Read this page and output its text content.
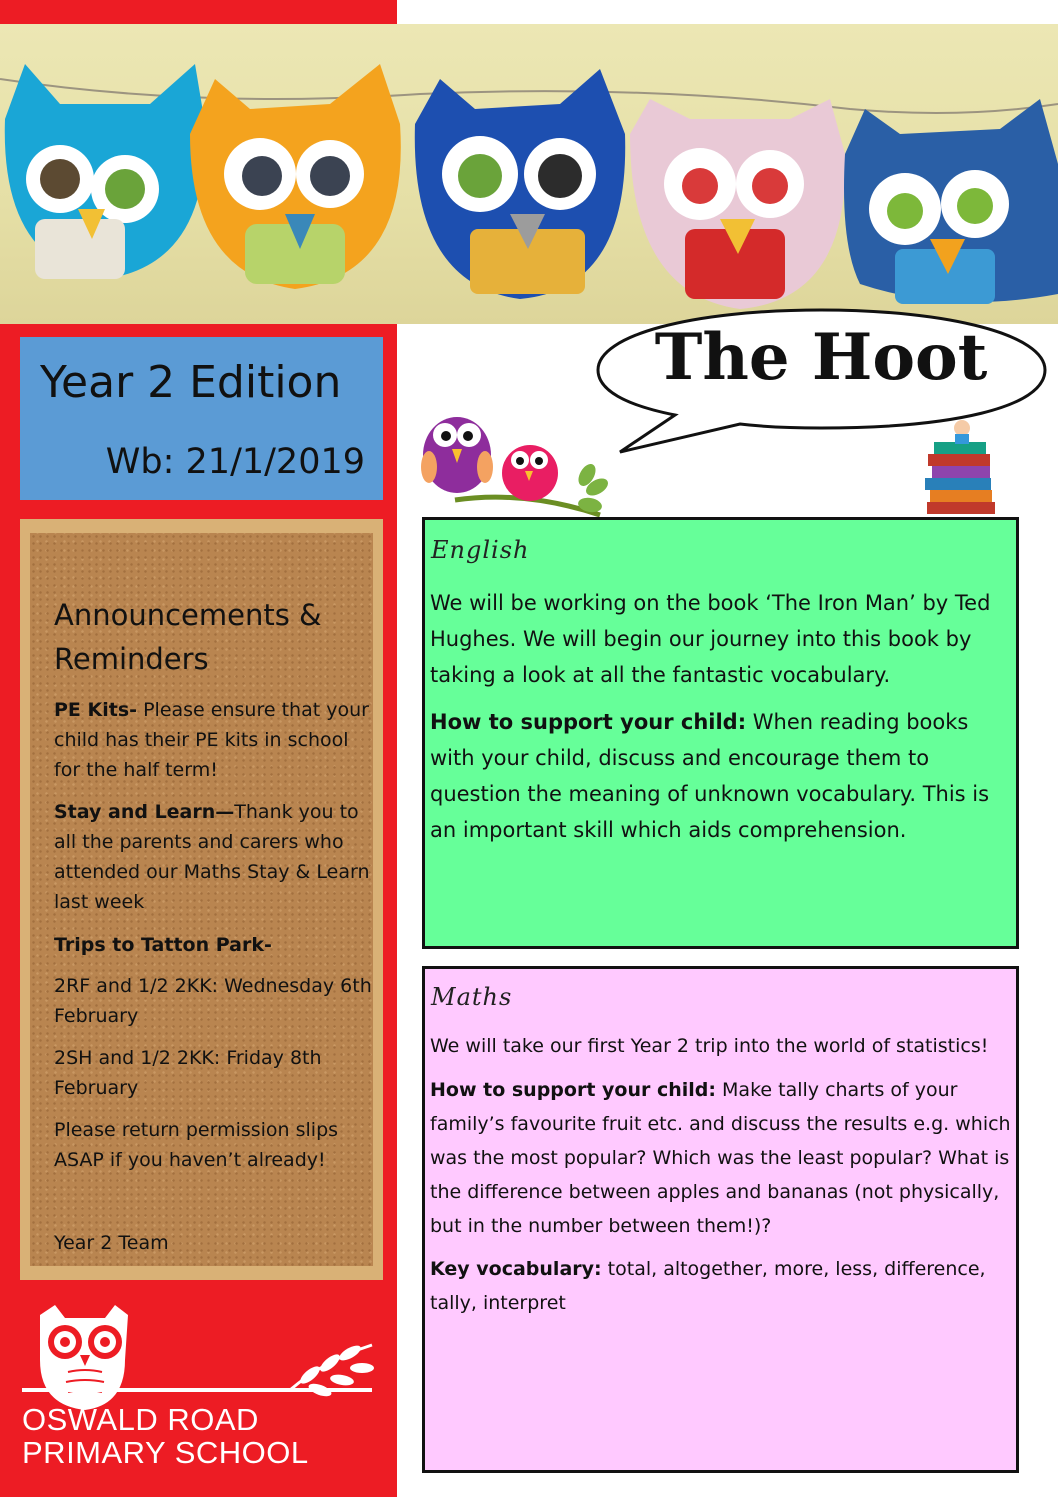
Year 2 Edition
Wb: 21/1/2019
The Hoot
Announcements & Reminders
PE Kits- Please ensure that your child has their PE kits in school for the half term!
Stay and Learn—Thank you to all the parents and carers who attended our Maths Stay & Learn last week
Trips to Tatton Park-
2RF and 1/2 2KK: Wednesday 6th February
2SH and 1/2 2KK: Friday 8th February
Please return permission slips ASAP if you haven’t already!
Year 2 Team
English
We will be working on the book ‘The Iron Man’ by Ted Hughes. We will begin our journey into this book by taking a look at all the fantastic vocabulary.
How to support your child: When reading books with your child, discuss and encourage them to question the meaning of unknown vocabulary. This is an important skill which aids comprehension.
Maths
We will take our first Year 2 trip into the world of statistics!
How to support your child: Make tally charts of your family’s favourite fruit etc. and discuss the results e.g. which was the most popular? Which was the least popular? What is the difference between apples and bananas (not physically, but in the number between them!)?
Key vocabulary: total, altogether, more, less, difference, tally, interpret
OSWALD ROAD
PRIMARY SCHOOL
